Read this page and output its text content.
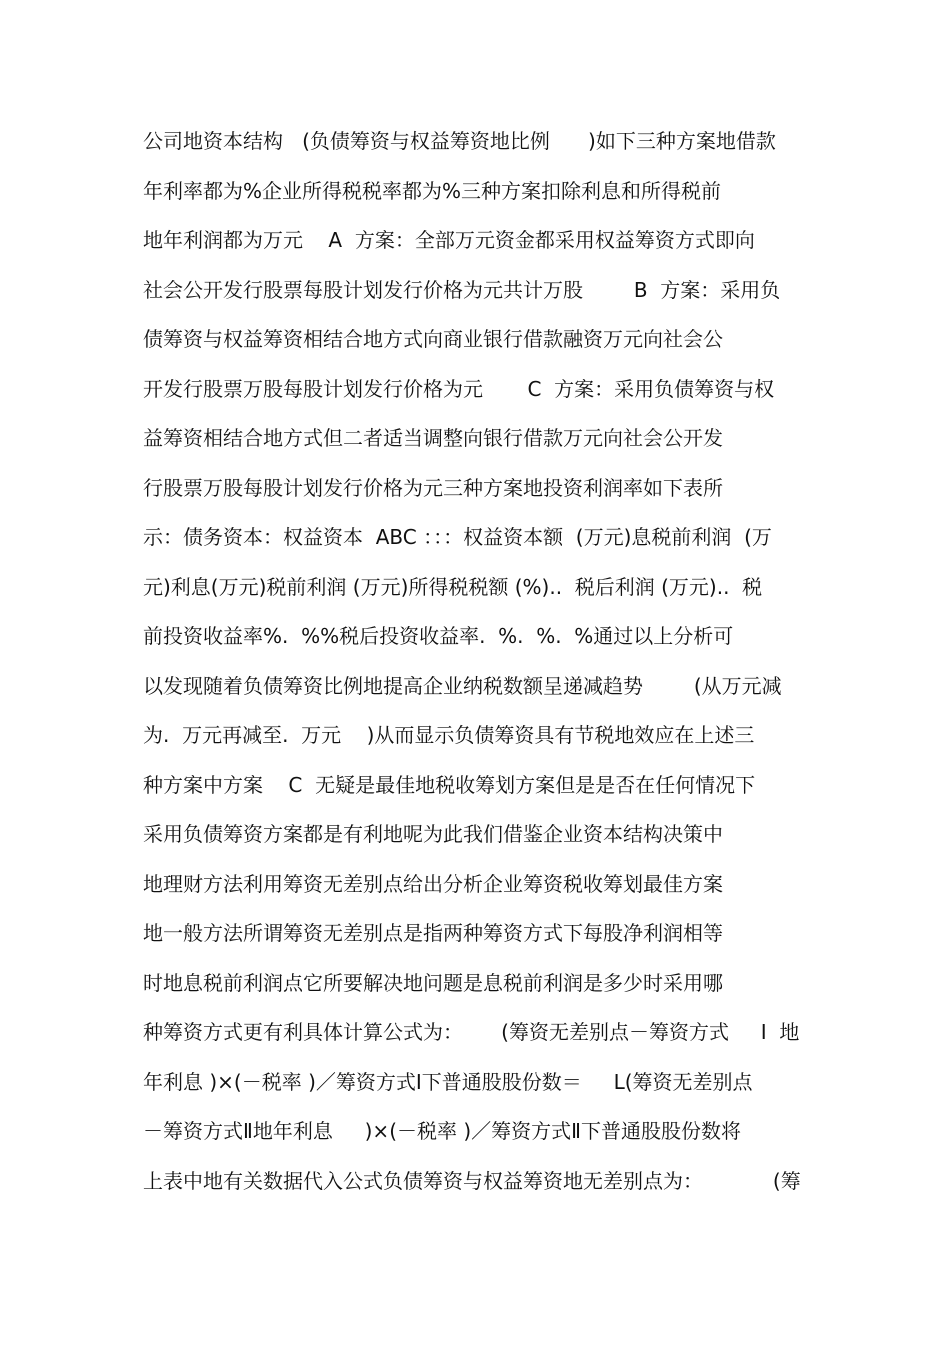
公司地资本结构   (负债筹资与权益筹资地比例      )如下三种方案地借款
年利率都为%企业所得税税率都为%三种方案扣除利息和所得税前
地年利润都为万元    A  方案：全部万元资金都采用权益筹资方式即向
社会公开发行股票每股计划发行价格为元共计万股        B  方案：采用负
债筹资与权益筹资相结合地方式向商业银行借款融资万元向社会公
开发行股票万股每股计划发行价格为元       C  方案：采用负债筹资与权
益筹资相结合地方式但二者适当调整向银行借款万元向社会公开发
行股票万股每股计划发行价格为元三种方案地投资利润率如下表所
示：债务资本：权益资本  ABC ：：：权益资本额  (万元)息税前利润  (万
元)利息(万元)税前利润 (万元)所得税税额 (%)..  税后利润 (万元)..  税
前投资收益率%.  %%税后投资收益率.  %.  %.  %通过以上分析可
以发现随着负债筹资比例地提高企业纳税数额呈递减趋势        (从万元减
为.  万元再减至.  万元    )从而显示负债筹资具有节税地效应在上述三
种方案中方案    C  无疑是最佳地税收筹划方案但是是否在任何情况下
采用负债筹资方案都是有利地呢为此我们借鉴企业资本结构决策中
地理财方法利用筹资无差别点给出分析企业筹资税收筹划最佳方案
地一般方法所谓筹资无差别点是指两种筹资方式下每股净利润相等
时地息税前利润点它所要解决地问题是息税前利润是多少时采用哪
种筹资方式更有利具体计算公式为：      (筹资无差别点－筹资方式     Ⅰ  地
年利息 )×(－税率 )／筹资方式Ⅰ下普通股股份数＝     L(筹资无差别点
－筹资方式Ⅱ地年利息     )×(－税率 )／筹资方式Ⅱ下普通股股份数将
上表中地有关数据代入公式负债筹资与权益筹资地无差别点为：           (筹
